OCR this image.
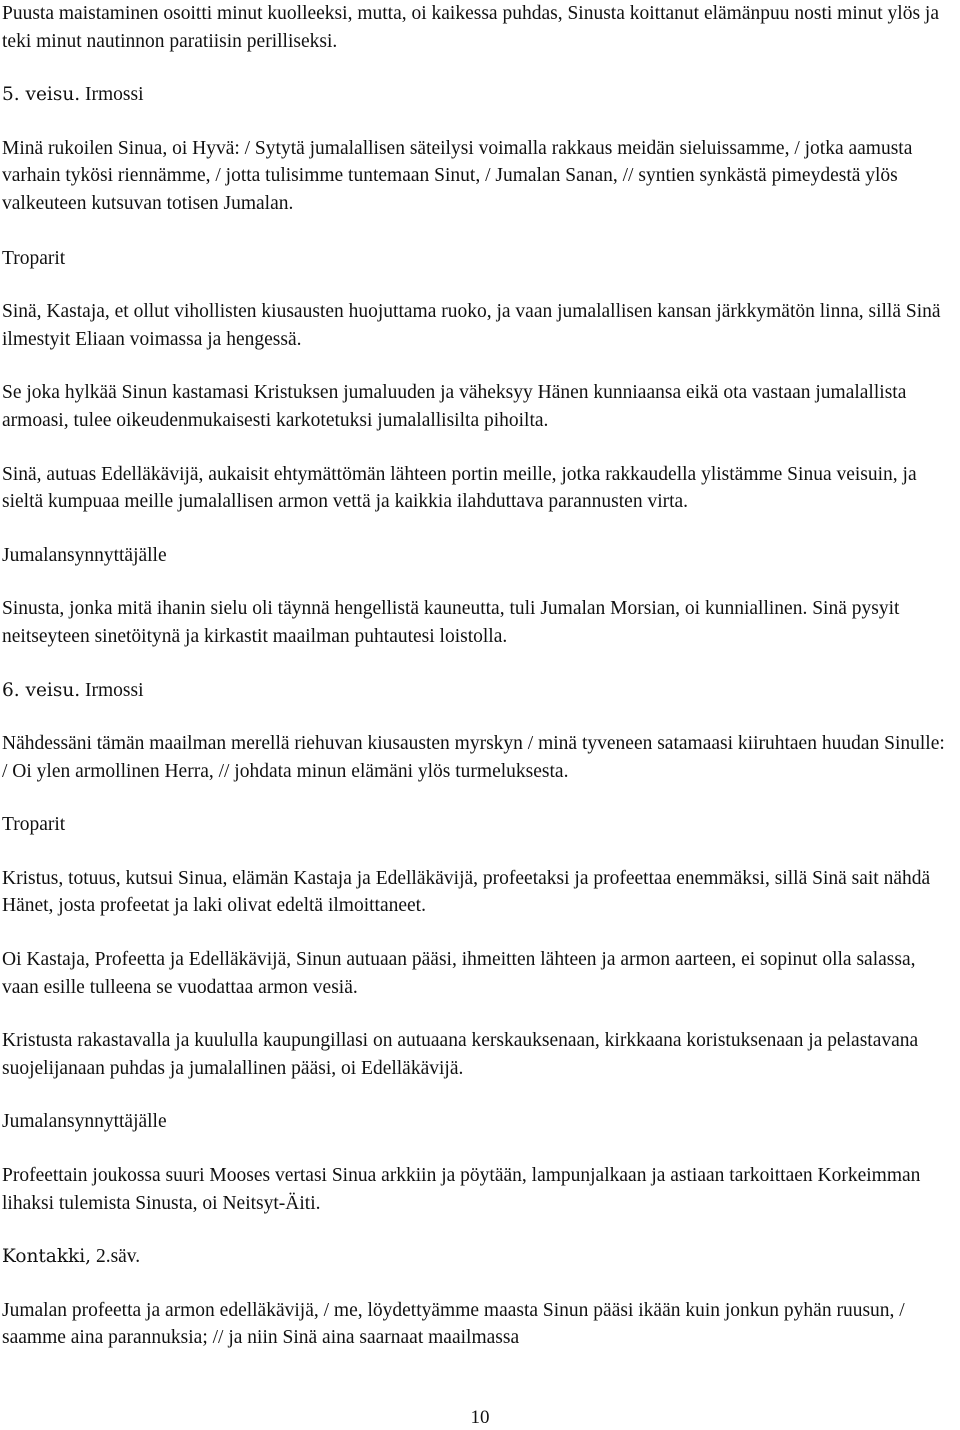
Puusta maistaminen osoitti minut kuolleeksi, mutta, oi kaikessa puhdas, Sinusta koittanut elämänpuu nosti minut ylös ja teki minut nautinnon paratiisin perilliseksi.

5. veisu. Irmossi

Minä rukoilen Sinua, oi Hyvä: / Sytytä jumalallisen säteilysi voimalla rakkaus meidän sieluissamme, / jotka aamusta varhain tykösi riennämme, / jotta tulisimme tuntemaan Sinut, / Jumalan Sanan, // syntien synkästä pimeydestä ylös valkeuteen kutsuvan totisen Jumalan.

Troparit

Sinä, Kastaja, et ollut vihollisten kiusausten huojuttama ruoko, ja vaan jumalallisen kansan järkkymätön linna, sillä Sinä ilmestyit Eliaan voimassa ja hengessä.

Se joka hylkää Sinun kastamasi Kristuksen jumaluuden ja väheksyy Hänen kunniaansa eikä ota vastaan jumalallista armoasi, tulee oikeudenmukaisesti karkotetuksi jumalallisilta pihoilta.

Sinä, autuas Edelläkävijä, aukaisit ehtymättömän lähteen portin meille, jotka rakkaudella ylistämme Sinua veisuin, ja sieltä kumpuaa meille jumalallisen armon vettä ja kaikkia ilahduttava parannusten virta.

Jumalansynnyttäjälle

Sinusta, jonka mitä ihanin sielu oli täynnä hengellistä kauneutta, tuli Jumalan Morsian, oi kunniallinen. Sinä pysyit neitseyteen sinetöitynä ja kirkastit maailman puhtautesi loistolla.

6. veisu. Irmossi

Nähdessäni tämän maailman merellä riehuvan kiusausten myrskyn / minä tyveneen satamaasi kiiruhtaen huudan Sinulle: / Oi ylen armollinen Herra, // johdata minun elämäni ylös turmeluksesta.

Troparit

Kristus, totuus, kutsui Sinua, elämän Kastaja ja Edelläkävijä, profeetaksi ja profeettaa enemmäksi, sillä Sinä sait nähdä Hänet, josta profeetat ja laki olivat edeltä ilmoittaneet.

Oi Kastaja, Profeetta ja Edelläkävijä, Sinun autuaan pääsi, ihmeitten lähteen ja armon aarteen, ei sopinut olla salassa, vaan esille tulleena se vuodattaa armon vesiä.

Kristusta rakastavalla ja kuululla kaupungillasi on autuaana kerskauksenaan, kirkkaana koristuksenaan ja pelastavana suojelijanaan puhdas ja jumalallinen pääsi, oi Edelläkävijä.

Jumalansynnyttäjälle

Profeettain joukossa suuri Mooses vertasi Sinua arkkiin ja pöytään, lampunjalkaan ja astiaan tarkoittaen Korkeimman lihaksi tulemista Sinusta, oi Neitsyt-Äiti.

Kontakki, 2.säv.

Jumalan profeetta ja armon edelläkävijä, / me, löydettyämme maasta Sinun pääsi ikään kuin jonkun pyhän ruusun, / saamme aina parannuksia; // ja niin Sinä aina saarnaat maailmassa

10
